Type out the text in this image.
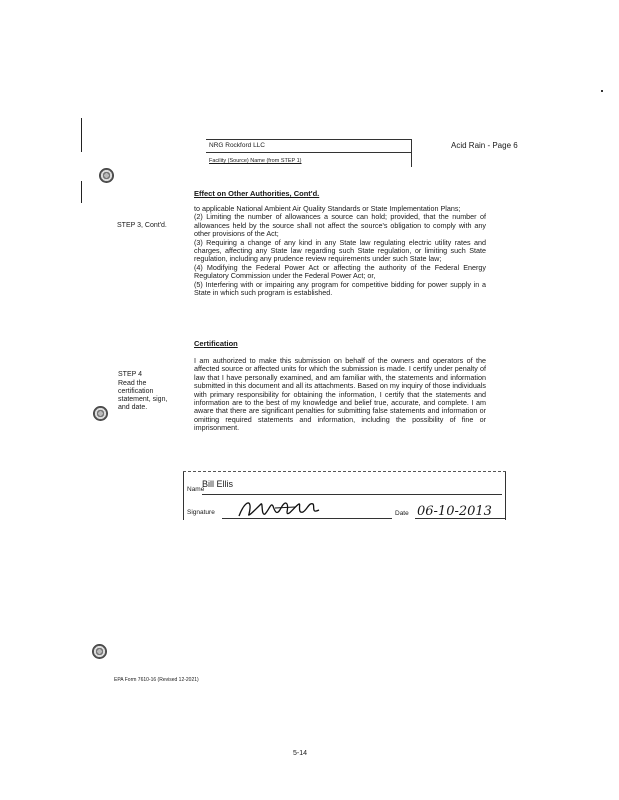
NRG Rockford LLC
Facility (Source) Name (from STEP 1)
Acid Rain - Page 6
Effect on Other Authorities, Cont'd.
STEP 3, Cont'd.

to applicable National Ambient Air Quality Standards or State Implementation Plans;

(2) Limiting the number of allowances a source can hold; provided, that the number of allowances held by the source shall not affect the source's obligation to comply with any other provisions of the Act;

(3) Requiring a change of any kind in any State law regulating electric utility rates and charges, affecting any State law regarding such State regulation, or limiting such State regulation, including any prudence review requirements under such State law;

(4) Modifying the Federal Power Act or affecting the authority of the Federal Energy Regulatory Commission under the Federal Power Act; or,

(5) Interfering with or impairing any program for competitive bidding for power supply in a State in which such program is established.

Certification
STEP 4
Read the certification statement, sign, and date.
I am authorized to make this submission on behalf of the owners and operators of the affected source or affected units for which the submission is made. I certify under penalty of law that I have personally examined, and am familiar with, the statements and information submitted in this document and all its attachments. Based on my inquiry of those individuals with primary responsibility for obtaining the information, I certify that the statements and information are to the best of my knowledge and belief true, accurate, and complete. I am aware that there are significant penalties for submitting false statements and information or omitting required statements and information, including the possibility of fine or imprisonment.
Name
Bill Ellis
Signature	Date 06-10-2013
EPA Form 7610-16 (Revised 12-2021)
5-14
